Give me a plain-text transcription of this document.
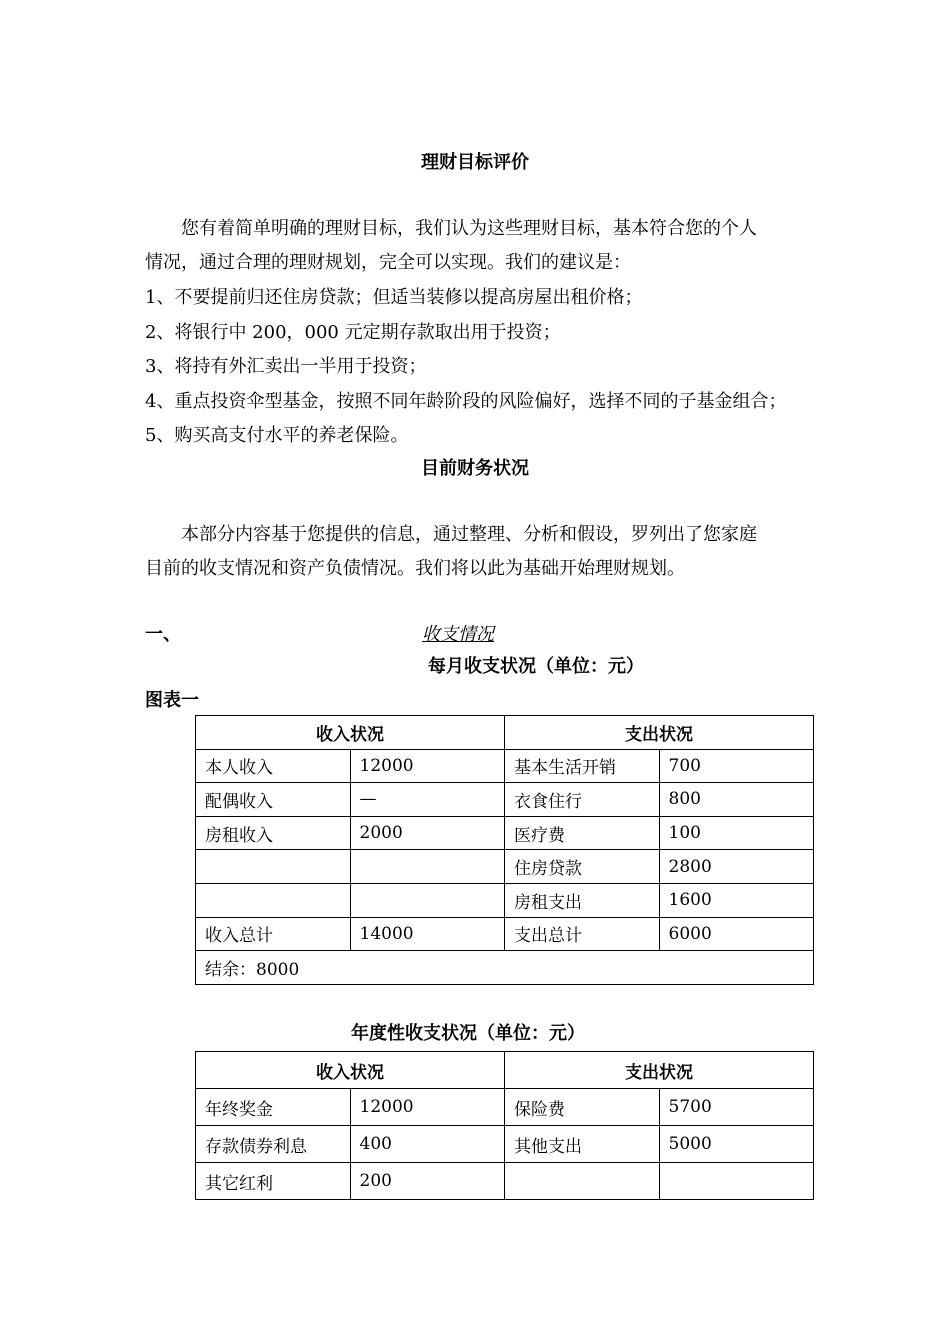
理财目标评价
您有着简单明确的理财目标，我们认为这些理财目标，基本符合您的个人
情况，通过合理的理财规划，完全可以实现。我们的建议是：
1、不要提前归还住房贷款；但适当装修以提高房屋出租价格；
2、将银行中 200，000 元定期存款取出用于投资；
3、将持有外汇卖出一半用于投资；
4、重点投资伞型基金，按照不同年龄阶段的风险偏好，选择不同的子基金组合；
5、购买高支付水平的养老保险。
目前财务状况
本部分内容基于您提供的信息，通过整理、分析和假设，罗列出了您家庭
目前的收支情况和资产负债情况。我们将以此为基础开始理财规划。
一、	收支情况
每月收支状况（单位：元）
图表一
收入状况		支出状况	
本人收入	12000	基本生活开销	700
配偶收入	—	衣食住行	800
房租收入	2000	医疗费	100
		住房贷款	2800
		房租支出	1600
收入总计	14000	支出总计	6000
结余：8000			
年度性收支状况（单位：元）
收入状况		支出状况	
年终奖金	12000	保险费	5700
存款债券利息	400	其他支出	5000
其它红利	200		
